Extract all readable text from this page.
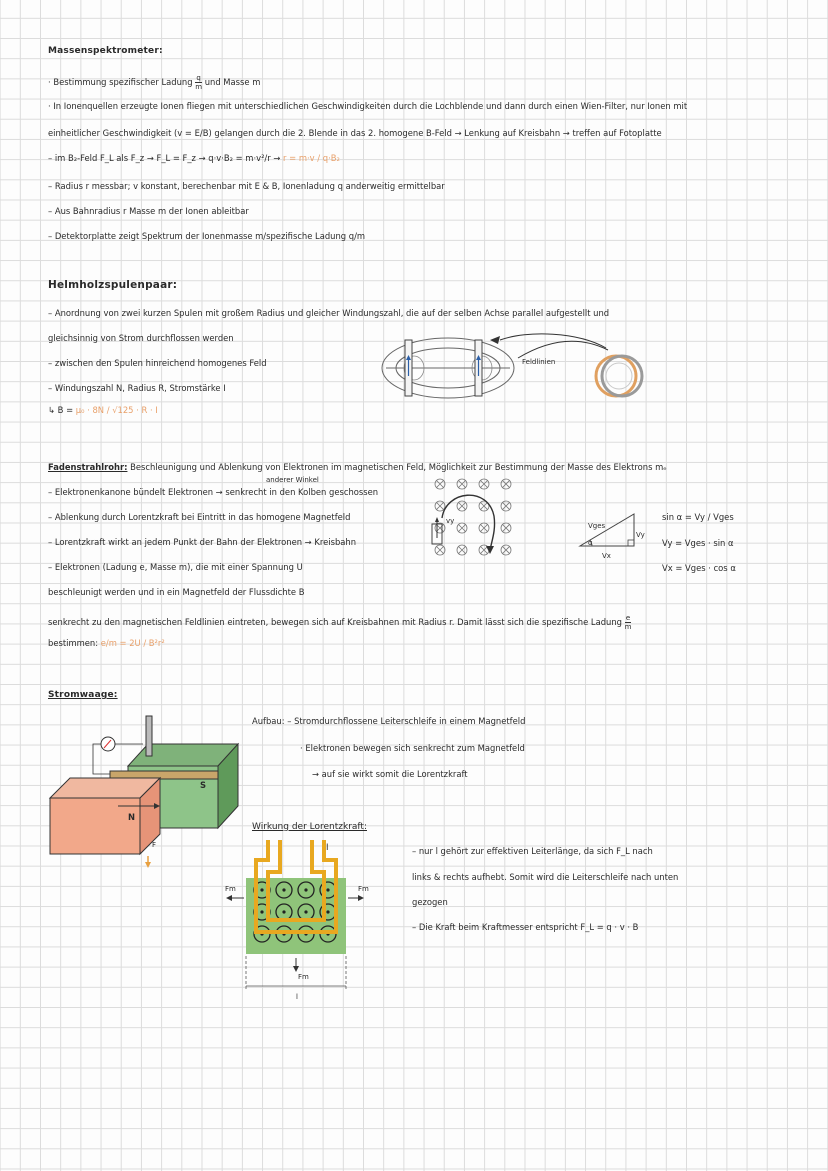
Massenspektrometer:
· Bestimmung spezifischer Ladung $\frac{q}{m}$ und Masse m
· In Ionenquellen erzeugte Ionen fliegen mit unterschiedlichen Geschwindigkeiten durch die Lochblende und dann durch einen Wien-Filter, nur Ionen mit
einheitlicher Geschwindigkeit (v = E/B) gelangen durch die 2. Blende in das 2. homogene B-Feld → Lenkung auf Kreisbahn → treffen auf Fotoplatte
– im B₂-Feld F_L als F_z → F_L = F_z → q·v·B₂ = m·v²/r → r = m·v / q·B₂
– Radius r messbar; v konstant, berechenbar mit E & B, Ionenladung q anderweitig ermittelbar
– Aus Bahnradius r Masse m der Ionen ableitbar
– Detektorplatte zeigt Spektrum der Ionenmasse m/spezifische Ladung q/m
Helmholzspulenpaar:
– Anordnung von zwei kurzen Spulen mit großem Radius und gleicher Windungszahl, die auf der selben Achse parallel aufgestellt und
gleichsinnig von Strom durchflossen werden
– zwischen den Spulen hinreichend homogenes Feld
– Windungszahl N, Radius R, Stromstärke I
↳ B = μ₀ · 8N / √125 · R · I
Feldlinien
Fadenstrahlrohr: Beschleunigung und Ablenkung von Elektronen im magnetischen Feld, Möglichkeit zur Bestimmung der Masse des Elektrons mₑ
anderer Winkel
– Elektronenkanone bündelt Elektronen → senkrecht in den Kolben geschossen
– Ablenkung durch Lorentzkraft bei Eintritt in das homogene Magnetfeld
– Lorentzkraft wirkt an jedem Punkt der Bahn der Elektronen → Kreisbahn
– Elektronen (Ladung e, Masse m), die mit einer Spannung U
beschleunigt werden und in ein Magnetfeld der Flussdichte B
senkrecht zu den magnetischen Feldlinien eintreten, bewegen sich auf Kreisbahnen mit Radius r. Damit lässt sich die spezifische Ladung $\frac{e}{m}$
bestimmen: e/m = 2U / B²r²
vy
Vges
Vy
Vx
α
sin α = Vy / Vges
Vy = Vges · sin α
Vx = Vges · cos α
Stromwaage:
N
S
F
Aufbau: – Stromdurchflossene Leiterschleife in einem Magnetfeld
· Elektronen bewegen sich senkrecht zum Magnetfeld
→ auf sie wirkt somit die Lorentzkraft
Wirkung der Lorentzkraft:
I
Fm	Fm
Fm
l
– nur l gehört zur effektiven Leiterlänge, da sich F_L nach
links & rechts aufhebt. Somit wird die Leiterschleife nach unten
gezogen
– Die Kraft beim Kraftmesser entspricht F_L = q · v · B
